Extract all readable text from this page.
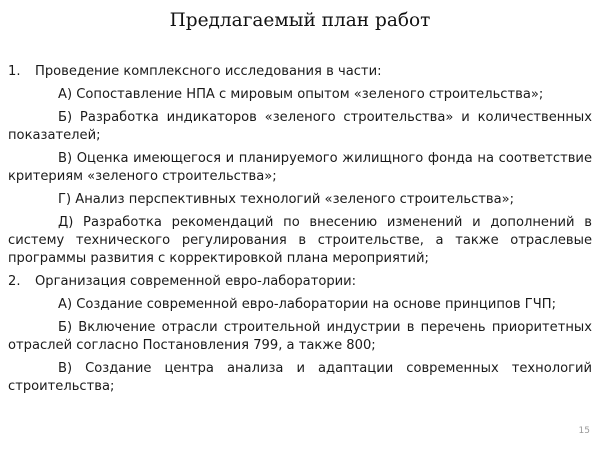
Предлагаемый план работ
1.	Проведение комплексного исследования в части:
А) Сопоставление НПА с мировым опытом «зеленого строительства»;
Б) Разработка индикаторов «зеленого строительства» и количественных показателей;
В) Оценка имеющегося и планируемого жилищного фонда на соответствие критериям «зеленого строительства»;
Г) Анализ перспективных технологий «зеленого строительства»;
Д) Разработка рекомендаций по внесению изменений и дополнений в систему технического регулирования в строительстве, а также отраслевые программы развития с корректировкой плана мероприятий;
2.	Организация современной евро-лаборатории:
А) Создание современной евро-лаборатории на основе принципов ГЧП;
Б) Включение отрасли строительной индустрии в перечень приоритетных отраслей согласно Постановления 799, а также 800;
В) Создание центра анализа и адаптации современных технологий строительства;
15
